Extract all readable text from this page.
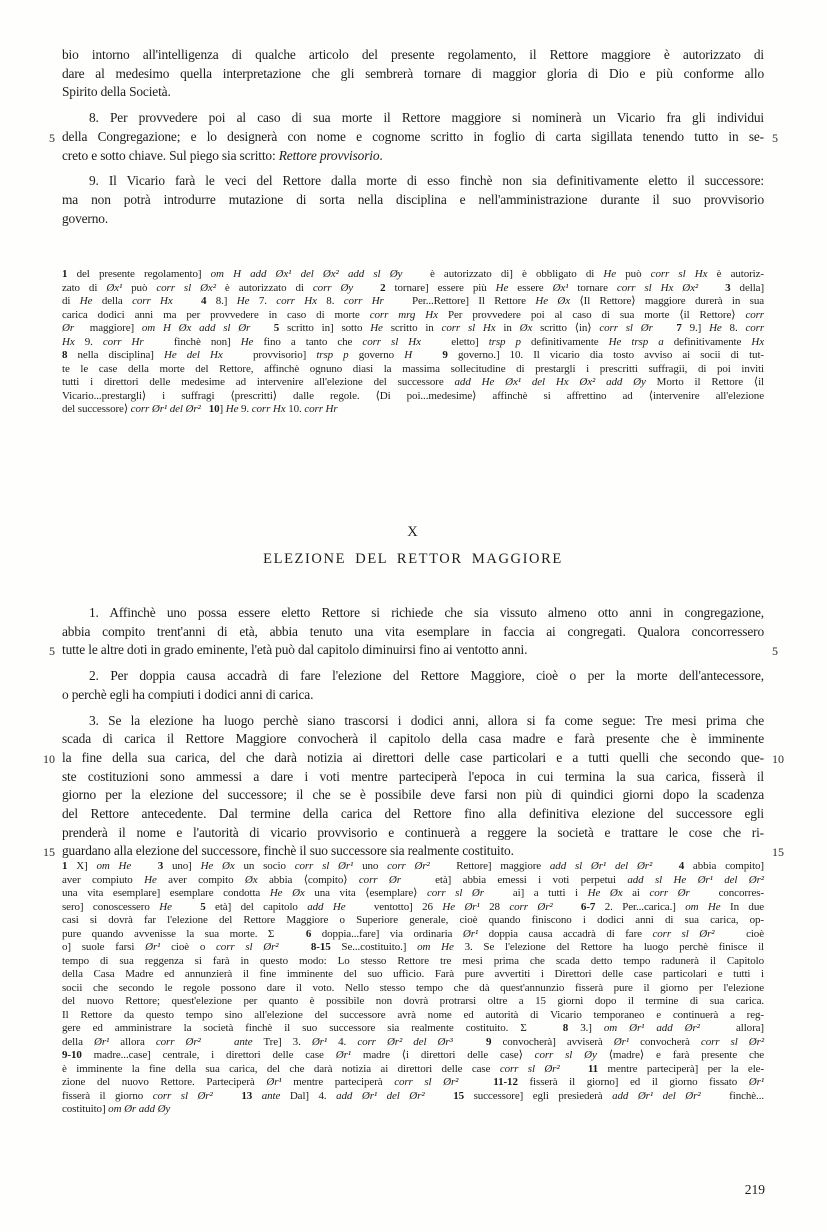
bio intorno all'intelligenza di qualche articolo del presente regolamento, il Rettore maggiore è autorizzato di
dare al medesimo quella interpretazione che gli sembrerà tornare di maggior gloria di Dio e più conforme allo
Spirito della Società.
8. Per provvedere poi al caso di sua morte il Rettore maggiore si nominerà un Vicario fra gli individui
5 della Congregazione; e lo designerà con nome e cognome scritto in foglio di carta sigillata tenendo tutto in se- 5
creto e sotto chiave. Sul piego sia scritto: Rettore provvisorio.
9. Il Vicario farà le veci del Rettore dalla morte di esso finchè non sia definitivamente eletto il successore:
ma non potrà introdurre mutazione di sorta nella disciplina e nell'amministrazione durante il suo provvisorio
governo.
1 del presente regolamento] om H add Øx¹ del Øx² add sl Øy   è autorizzato di] è obbligato di He può corr sl Hx è autoriz-
zato di Øx¹ può corr sl Øx² è autorizzato di corr Øy 2 tornare] essere più He essere Øx¹ tornare corr sl Hx Øx² 3 della]
di He della corr Hx	4 8.] He 7. corr Hx 8. corr Hr   Per...Rettore] Il Rettore He Øx ⟨Il Rettore⟩ maggiore durerà in sua
carica dodici anni ma per provvedere in caso di morte corr mrg Hx Per provvedere poi al caso di sua morte ⟨il Rettore⟩ corr
Ør  maggiore] om H Øx add sl Ør 5 scritto in] sotto He scritto in corr sl Hx in Øx scritto ⟨in⟩ corr sl Ør 7 9.] He 8. corr
Hx 9. corr Hr   finchè non] He fino a tanto che corr sl Hx   eletto] trsp p definitivamente He trsp a definitivamente Hx
8 nella disciplina] He del Hx   provvisorio] trsp p governo H	9 governo.] 10. Il vicario dia tosto avviso ai socii di tut-
te le case della morte del Rettore, affinchè ognuno diasi la massima sollecitudine di prestargli i prescritti suffragii, di poi inviti
tutti i direttori delle medesime ad intervenire all'elezione del successore add He Øx¹ del Hx Øx² add Øy Morto il Rettore ⟨il
Vicario...prestargli⟩ i suffragi ⟨prescritti⟩ dalle regole. ⟨Di poi...medesime⟩ affinchè si affrettino ad ⟨intervenire all'elezione
del successore⟩ corr Ør¹ del Ør² 10] He 9. corr Hx 10. corr Hr
X
ELEZIONE DEL RETTOR MAGGIORE
1. Affinchè uno possa essere eletto Rettore si richiede che sia vissuto almeno otto anni in congregazione,
abbia compito trent'anni di età, abbia tenuto una vita esemplare in faccia ai congregati. Qualora concorressero
5 tutte le altre doti in grado eminente, l'età può dal capitolo diminuirsi fino ai ventotto anni.	5
2. Per doppia causa accadrà di fare l'elezione del Rettore Maggiore, cioè o per la morte dell'antecessore,
o perchè egli ha compiuti i dodici anni di carica.
3. Se la elezione ha luogo perchè siano trascorsi i dodici anni, allora si fa come segue: Tre mesi prima che
scada di carica il Rettore Maggiore convocherà il capitolo della casa madre e farà presente che è imminente
10 la fine della sua carica, del che darà notizia ai direttori delle case particolari e a tutti quelli che secondo que- 10
ste costituzioni sono ammessi a dare i voti mentre parteciperà l'epoca in cui termina la sua carica, fisserà il
giorno per la elezione del successore; il che se è possibile deve farsi non più di quindici giorni dopo la scadenza
del Rettore antecedente. Dal termine della carica del Rettore fino alla definitiva elezione del successore egli
prenderà il nome e l'autorità di vicario provvisorio e continuerà a reggere la società e trattare le cose che ri-
15 guardano alla elezione del successore, finchè il suo successore sia realmente costituito.	15
1 X] om He 3 uno] He Øx un socio corr sl Ør¹ uno corr Ør²   Rettore] maggiore add sl Ør¹ del Ør² 4 abbia compito]
aver compiuto He aver compito Øx abbia ⟨compito⟩ corr Ør   età] abbia emessi i voti perpetui add sl He Ør¹ del Ør²
una vita esemplare] esemplare condotta He Øx una vita ⟨esemplare⟩ corr sl Ør   ai] a tutti i He Øx ai corr Ør   concorres-
sero] conoscessero He	5 età] del capitolo add He   ventotto] 26 He Ør¹ 28 corr Ør²	6-7 2. Per...carica.] om He In due
casi si dovrà far l'elezione del Rettore Maggiore o Superiore generale, cioè quando finiscono i dodici anni di sua carica, op-
pure quando avvenisse la sua morte. Σ   6 doppia...fare] via ordinaria Ør¹ doppia causa accadrà di fare corr sl Ør²   cioè
o] suole farsi Ør¹ cioè o corr sl Ør²	8-15 Se...costituito.] om He 3. Se l'elezione del Rettore ha luogo perchè finisce il
tempo di sua reggenza si farà in questo modo: Lo stesso Rettore tre mesi prima che scada detto tempo radunerà il Capitolo
della Casa Madre ed annunzierà il fine imminente del suo ufficio. Farà pure avvertiti i Direttori delle case particolari e tutti i
socii che secondo le regole possono dare il voto. Nello stesso tempo che dà quest'annunzio fisserà pure il giorno per l'elezione
del nuovo Rettore; quest'elezione per quanto è possibile non dovrà protrarsi oltre a 15 giorni dopo il termine di sua carica.
Il Rettore da questo tempo sino all'elezione del successore avrà nome ed autorità di Vicario temporaneo e continuerà a reg-
gere ed amministrare la società finchè il suo successore sia realmente costituito. Σ   8 3.] om Ør¹ add Ør²   allora]
della Ør¹ allora corr Ør²	ante Tre] 3. Ør¹ 4. corr Ør² del Ør³	9 convocherà] avviserà Ør¹ convocherà corr sl Ør²
9-10 madre...case] centrale, i direttori delle case Ør¹ madre ⟨i direttori delle case⟩ corr sl Øy ⟨madre⟩ e farà presente che
è imminente la fine della sua carica, del che darà notizia ai direttori delle case corr sl Ør²	11 mentre parteciperà] per la ele-
zione del nuovo Rettore. Parteciperà Ør¹ mentre parteciperà corr sl Ør²	11-12 fisserà il giorno] ed il giorno fissato Ør¹
fisserà il giorno corr sl Ør²	13 ante Dal] 4. add Ør¹ del Ør²	15 successore] egli presiederà add Ør¹ del Ør²   finchè...
costituito] om Ør add Øy
219
